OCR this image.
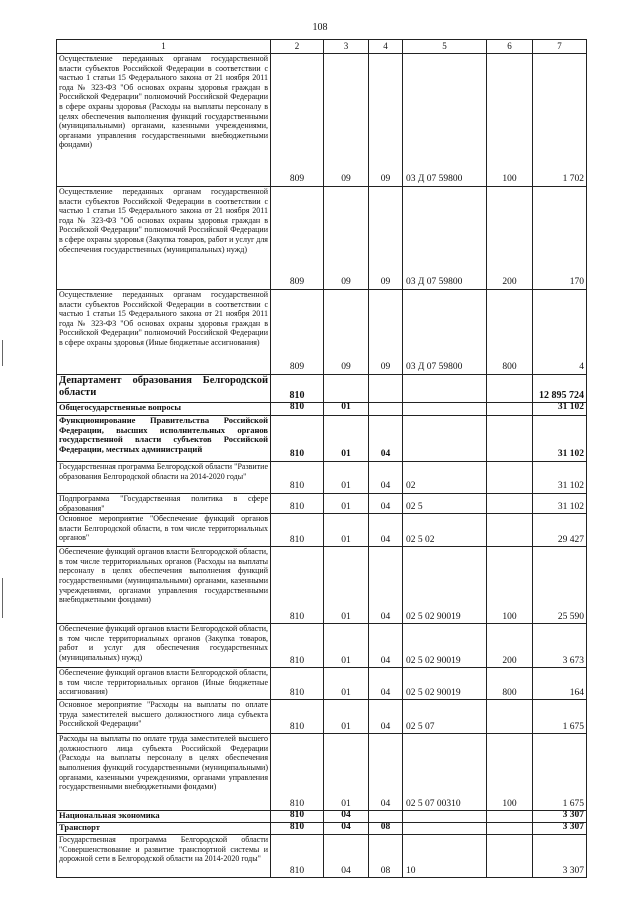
108
1	2	3	4	5	6	7
Осуществление переданных органам государственной власти субъектов Российской Федерации в соответствии с частью 1 статьи 15 Федерального закона от 21 ноября 2011 года № 323-ФЗ "Об основах охраны здоровья граждан в Российской Федерации" полномочий Российской Федерации в сфере охраны здоровья (Расходы на выплаты персоналу в целях обеспечения выполнения функций государственными (муниципальными) органами, казенными учреждениями, органами управления государственными внебюджетными фондами)	809	09	09	03 Д 07 59800	100	1 702
Осуществление переданных органам государственной власти субъектов Российской Федерации в соответствии с частью 1 статьи 15 Федерального закона от 21 ноября 2011 года № 323-ФЗ "Об основах охраны здоровья граждан в Российской Федерации" полномочий Российской Федерации в сфере охраны здоровья (Закупка товаров, работ и услуг для обеспечения государственных (муниципальных) нужд)	809	09	09	03 Д 07 59800	200	170
Осуществление переданных органам государственной власти субъектов Российской Федерации в соответствии с частью 1 статьи 15 Федерального закона от 21 ноября 2011 года № 323-ФЗ "Об основах охраны здоровья граждан в Российской Федерации" полномочий Российской Федерации в сфере охраны здоровья (Иные бюджетные ассигнования)	809	09	09	03 Д 07 59800	800	4
Департамент образования Белгородской области	810					12 895 724
Общегосударственные вопросы	810	01				31 102
Функционирование Правительства Российской Федерации, высших исполнительных органов государственной власти субъектов Российской Федерации, местных администраций	810	01	04			31 102
Государственная программа Белгородской области "Развитие образования Белгородской области на 2014-2020 годы"	810	01	04	02		31 102
Подпрограмма "Государственная политика в сфере образования"	810	01	04	02 5		31 102
Основное мероприятие "Обеспечение функций органов власти Белгородской области, в том числе территориальных органов"	810	01	04	02 5 02		29 427
Обеспечение функций органов власти Белгородской области, в том числе территориальных органов (Расходы на выплаты персоналу в целях обеспечения выполнения функций государственными (муниципальными) органами, казенными учреждениями, органами управления государственными внебюджетными фондами)	810	01	04	02 5 02 90019	100	25 590
Обеспечение функций органов власти Белгородской области, в том числе территориальных органов (Закупка товаров, работ и услуг для обеспечения государственных (муниципальных) нужд)	810	01	04	02 5 02 90019	200	3 673
Обеспечение функций органов власти Белгородской области, в том числе территориальных органов (Иные бюджетные ассигнования)	810	01	04	02 5 02 90019	800	164
Основное мероприятие "Расходы на выплаты по оплате труда заместителей высшего должностного лица субъекта Российской Федерации"	810	01	04	02 5 07		1 675
Расходы на выплаты по оплате труда заместителей высшего должностного лица субъекта Российской Федерации (Расходы на выплаты персоналу в целях обеспечения выполнения функций государственными (муниципальными) органами, казенными учреждениями, органами управления государственными внебюджетными фондами)	810	01	04	02 5 07 00310	100	1 675
Национальная экономика	810	04				3 307
Транспорт	810	04	08			3 307
Государственная программа Белгородской области "Совершенствование и развитие транспортной системы и дорожной сети в Белгородской области на 2014-2020 годы"	810	04	08	10		3 307
